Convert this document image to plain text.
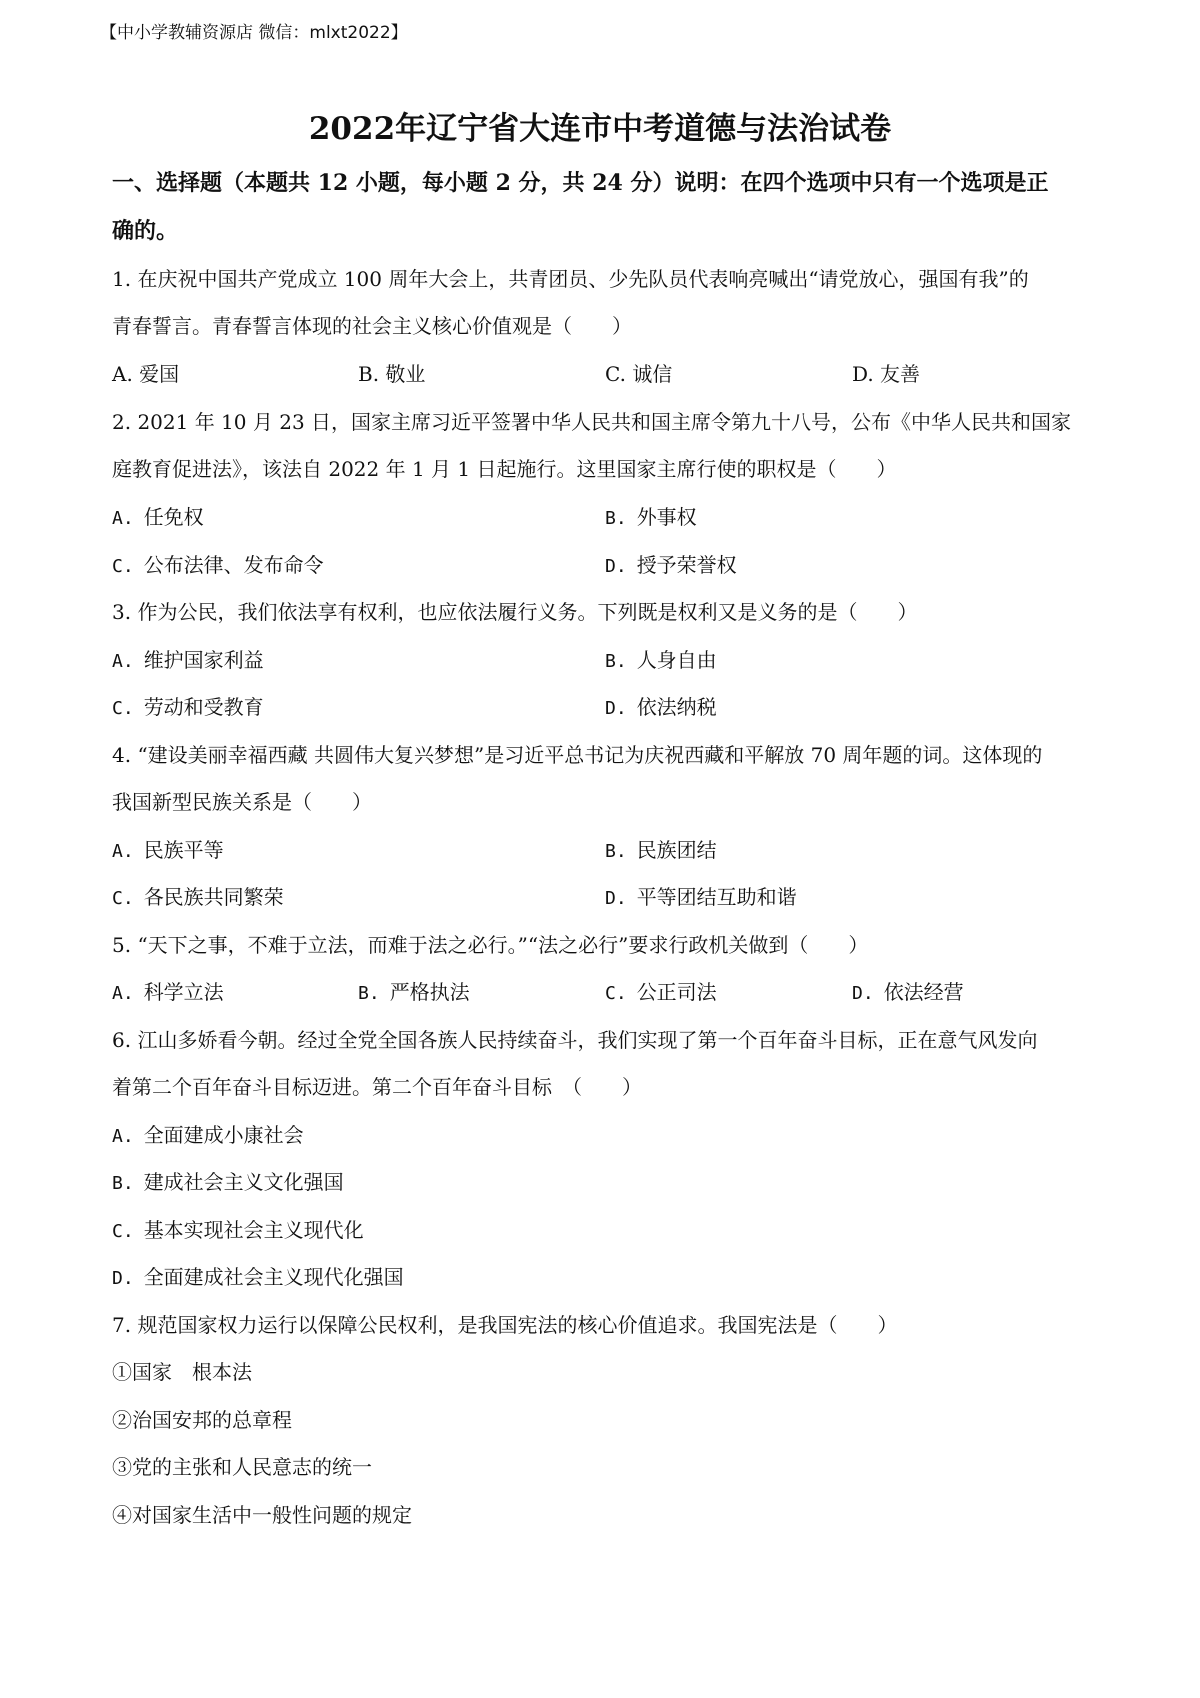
【中小学教辅资源店 微信：mlxt2022】
2022年辽宁省大连市中考道德与法治试卷
一、选择题（本题共 12 小题，每小题 2 分，共 24 分）说明：在四个选项中只有一个选项是正
确的。
1. 在庆祝中国共产党成立 100 周年大会上，共青团员、少先队员代表响亮喊出“请党放心，强国有我”的
青春誓言。青春誓言体现的社会主义核心价值观是（　　）
A. 爱国	B. 敬业	C. 诚信	D. 友善
2. 2021 年 10 月 23 日，国家主席习近平签署中华人民共和国主席令第九十八号，公布《中华人民共和国家
庭教育促进法》，该法自 2022 年 1 月 1 日起施行。这里国家主席行使的职权是（　　）
A. 任免权	B. 外事权
C. 公布法律、发布命令	D. 授予荣誉权
3. 作为公民，我们依法享有权利，也应依法履行义务。下列既是权利又是义务的是（　　）
A. 维护国家利益	B. 人身自由
C. 劳动和受教育	D. 依法纳税
4. “建设美丽幸福西藏 共圆伟大复兴梦想”是习近平总书记为庆祝西藏和平解放 70 周年题的词。这体现的
我国新型民族关系是（　　）
A. 民族平等	B. 民族团结
C. 各民族共同繁荣	D. 平等团结互助和谐
5. “天下之事，不难于立法，而难于法之必行。”“法之必行”要求行政机关做到（　　）
A. 科学立法	B. 严格执法	C. 公正司法	D. 依法经营
6. 江山多娇看今朝。经过全党全国各族人民持续奋斗，我们实现了第一个百年奋斗目标，正在意气风发向
着第二个百年奋斗目标迈进。第二个百年奋斗目标　（　　）
A. 全面建成小康社会
B. 建成社会主义文化强国
C. 基本实现社会主义现代化
D. 全面建成社会主义现代化强国
7. 规范国家权力运行以保障公民权利，是我国宪法的核心价值追求。我国宪法是（　　）
①国家　根本法
②治国安邦的总章程
③党的主张和人民意志的统一
④对国家生活中一般性问题的规定
